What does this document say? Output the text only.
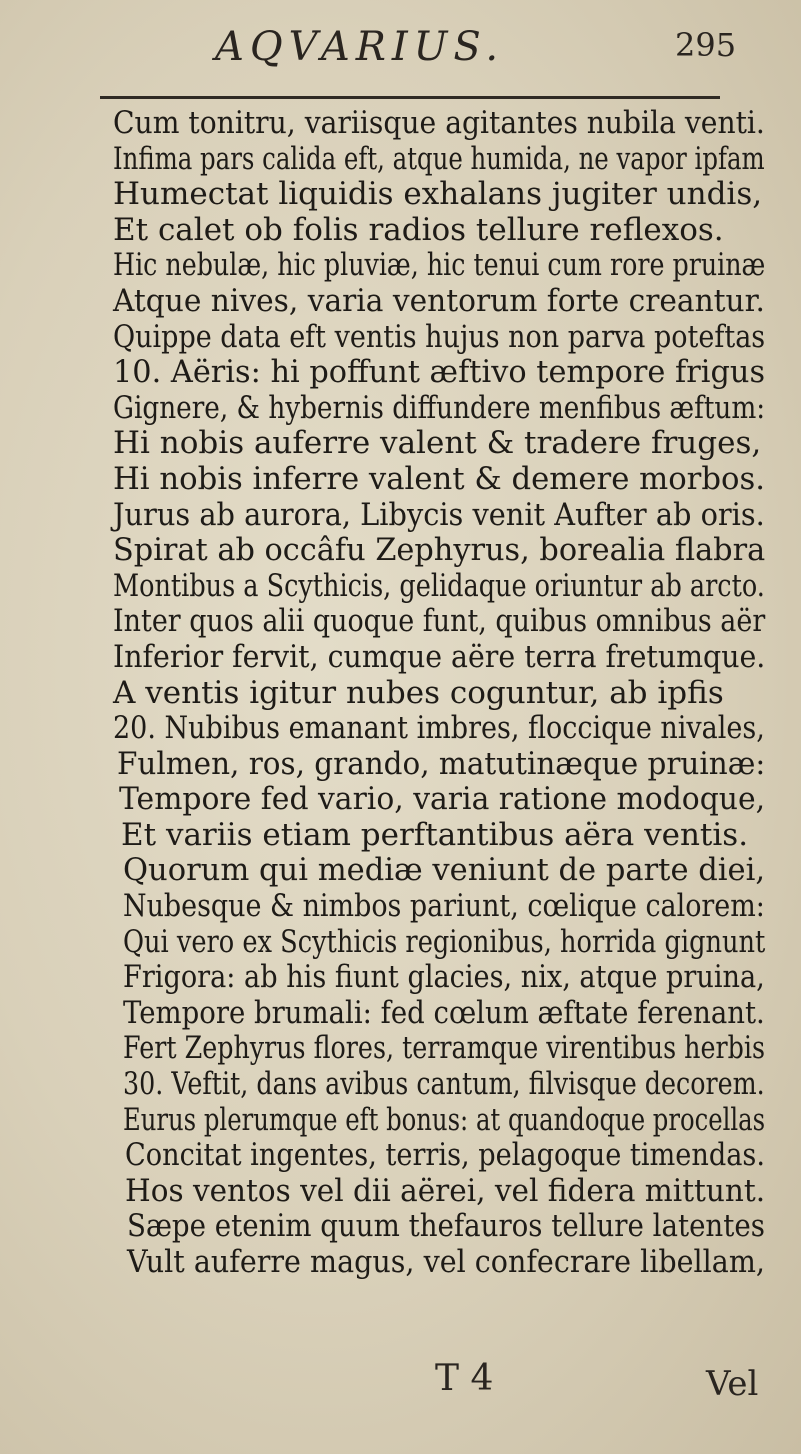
AQVARIUS.	295
Cum tonitru, variisque agitantes nubila venti.
Infima pars calida eft, atque humida, ne vapor ipfam
Humectat liquidis exhalans jugiter undis,
Et calet ob folis radios tellure reflexos.
Hic nebulæ, hic pluviæ, hic tenui cum rore pruinæ
Atque nives, varia ventorum forte creantur.
Quippe data eft ventis hujus non parva poteftas
10. Aëris: hi poffunt æftivo tempore frigus
Gignere, & hybernis diffundere menfibus æftum:
Hi nobis auferre valent & tradere fruges,
Hi nobis inferre valent & demere morbos.
Jurus ab aurora, Libycis venit Aufter ab oris.
Spirat ab occâfu Zephyrus, borealia flabra
Montibus a Scythicis, gelidaque oriuntur ab arcto.
Inter quos alii quoque funt, quibus omnibus aër
Inferior fervit, cumque aëre terra fretumque.
A ventis igitur nubes coguntur, ab ipfis
20. Nubibus emanant imbres, floccique nivales,
Fulmen, ros, grando, matutinæque pruinæ:
Tempore fed vario, varia ratione modoque,
Et variis etiam perftantibus aëra ventis.
Quorum qui mediæ veniunt de parte diei,
Nubesque & nimbos pariunt, cœlique calorem:
Qui vero ex Scythicis regionibus, horrida gignunt
Frigora: ab his fiunt glacies, nix, atque pruina,
Tempore brumali: fed cœlum æftate ferenant.
Fert Zephyrus flores, terramque virentibus herbis
30. Veftit, dans avibus cantum, filvisque decorem.
Eurus plerumque eft bonus: at quandoque procellas
Concitat ingentes, terris, pelagoque timendas.
Hos ventos vel dii aërei, vel fidera mittunt.
Sæpe etenim quum thefauros tellure latentes
Vult auferre magus, vel confecrare libellam,
T 4	Vel
